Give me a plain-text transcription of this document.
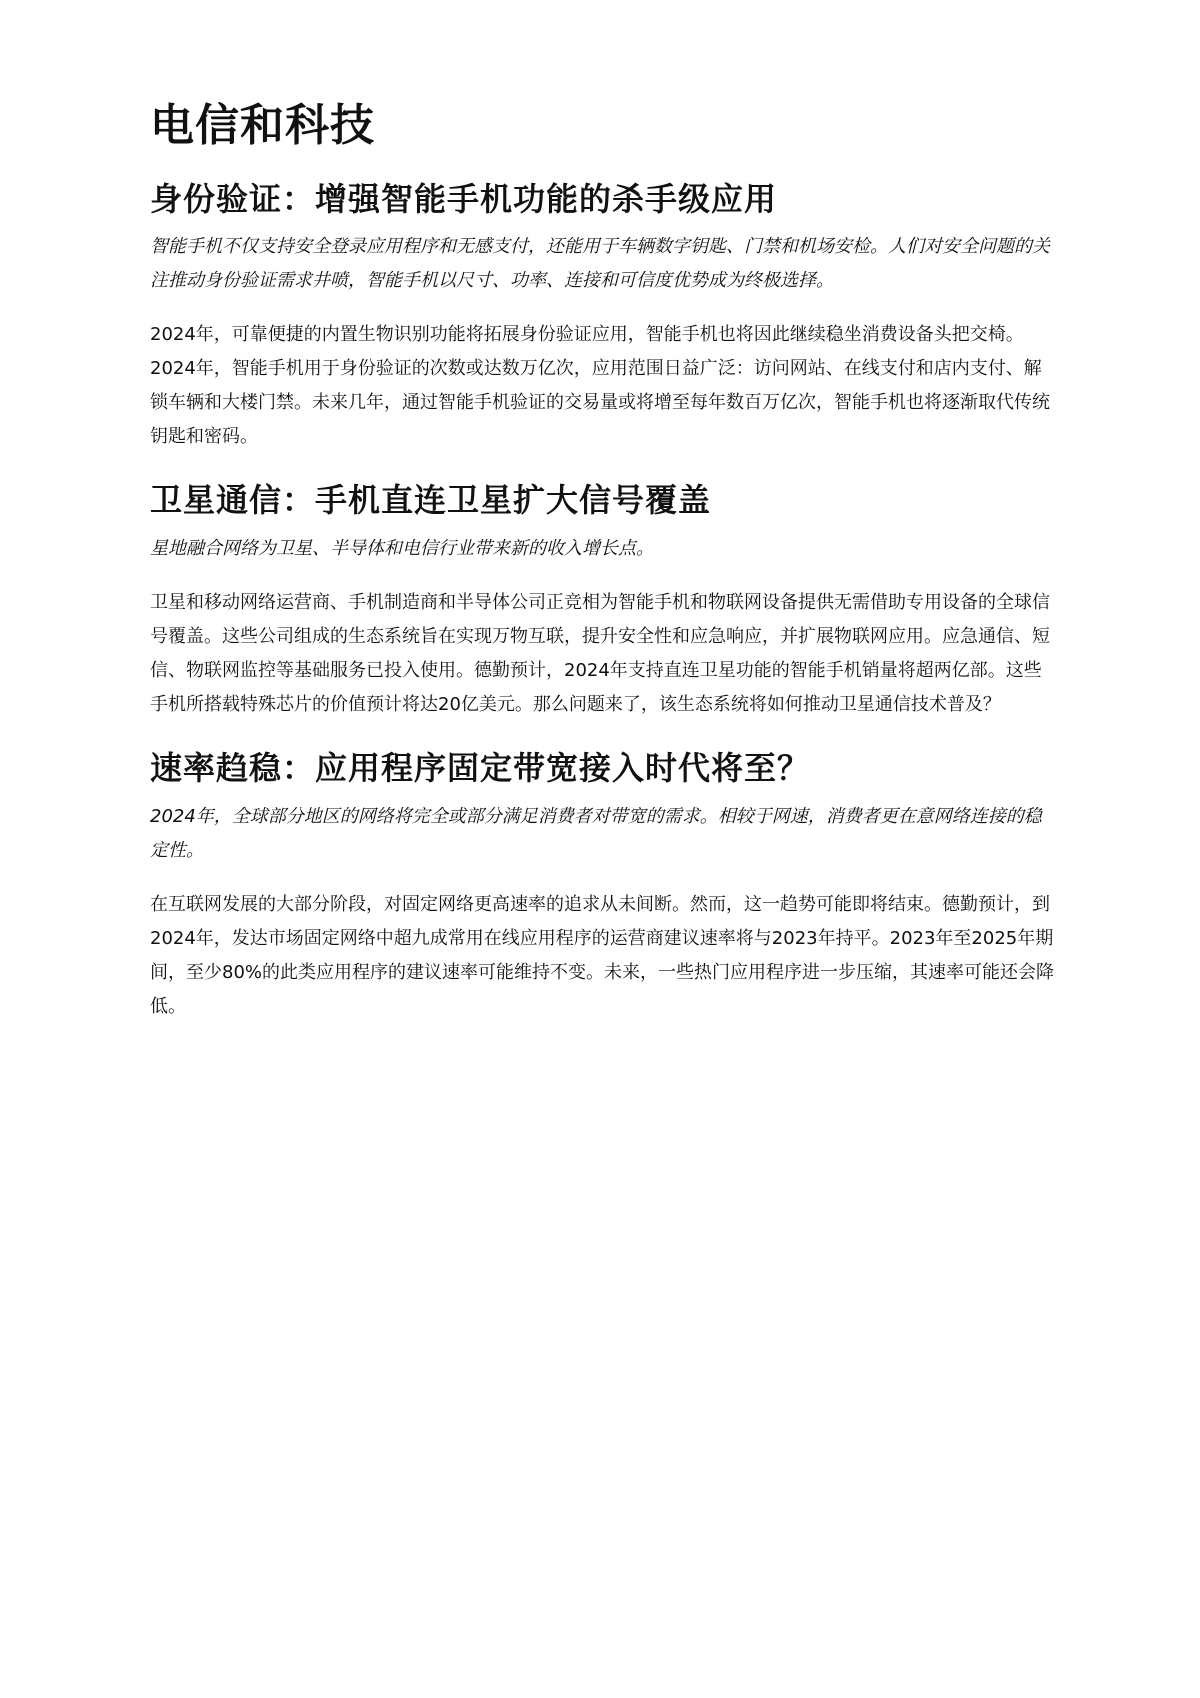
电信和科技
身份验证：增强智能手机功能的杀手级应用

智能手机不仅支持安全登录应用程序和无感支付，还能用于车辆数字钥匙、门禁和机场安检。人们对安全问题的关注推动身份验证需求井喷，智能手机以尺寸、功率、连接和可信度优势成为终极选择。

2024年，可靠便捷的内置生物识别功能将拓展身份验证应用，智能手机也将因此继续稳坐消费设备头把交椅。2024年，智能手机用于身份验证的次数或达数万亿次，应用范围日益广泛：访问网站、在线支付和店内支付、解锁车辆和大楼门禁。未来几年，通过智能手机验证的交易量或将增至每年数百万亿次，智能手机也将逐渐取代传统钥匙和密码。

卫星通信：手机直连卫星扩大信号覆盖

星地融合网络为卫星、半导体和电信行业带来新的收入增长点。

卫星和移动网络运营商、手机制造商和半导体公司正竞相为智能手机和物联网设备提供无需借助专用设备的全球信号覆盖。这些公司组成的生态系统旨在实现万物互联，提升安全性和应急响应，并扩展物联网应用。应急通信、短信、物联网监控等基础服务已投入使用。德勤预计，2024年支持直连卫星功能的智能手机销量将超两亿部。这些手机所搭载特殊芯片的价值预计将达20亿美元。那么问题来了，该生态系统将如何推动卫星通信技术普及？

速率趋稳：应用程序固定带宽接入时代将至？

2024年，全球部分地区的网络将完全或部分满足消费者对带宽的需求。相较于网速，消费者更在意网络连接的稳定性。

在互联网发展的大部分阶段，对固定网络更高速率的追求从未间断。然而，这一趋势可能即将结束。德勤预计，到2024年，发达市场固定网络中超九成常用在线应用程序的运营商建议速率将与2023年持平。2023年至2025年期间，至少80%的此类应用程序的建议速率可能维持不变。未来，一些热门应用程序进一步压缩，其速率可能还会降低。
